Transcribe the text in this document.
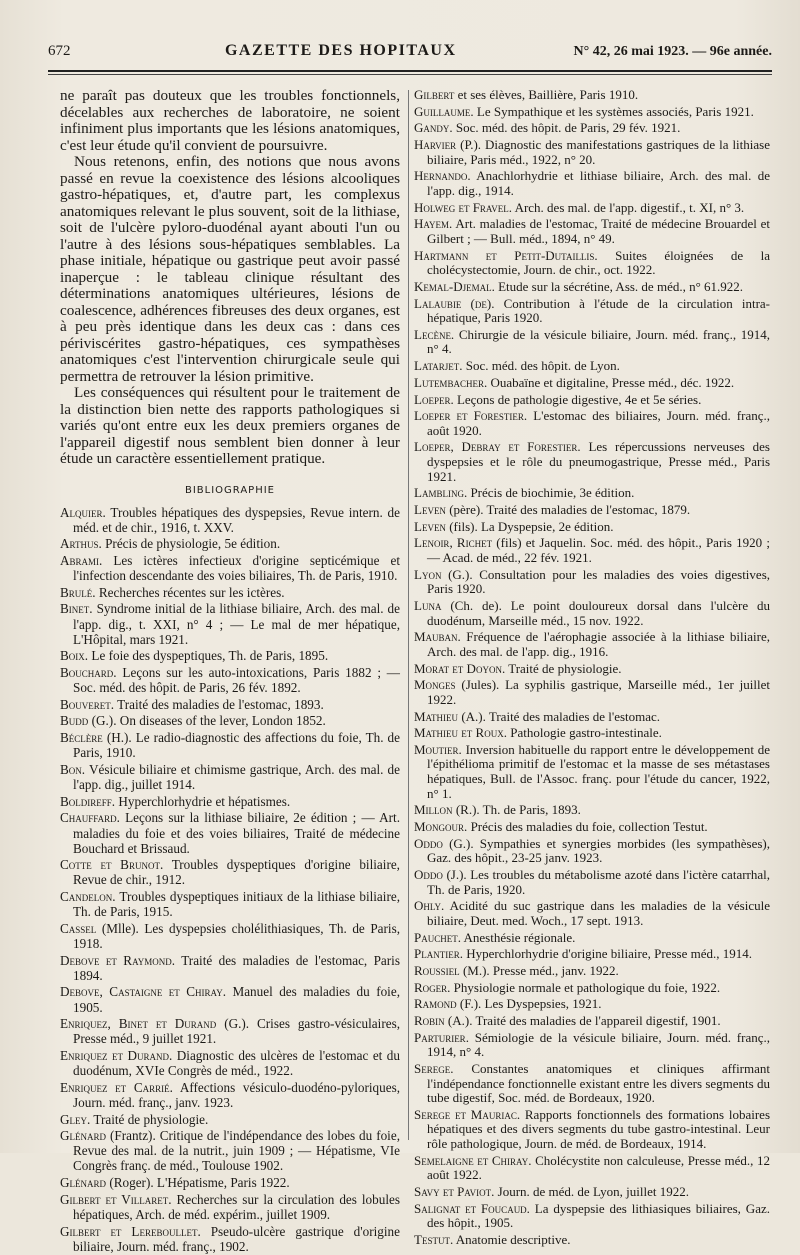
672	GAZETTE DES HOPITAUX	N° 42, 26 mai 1923. — 96e année.

ne paraît pas douteux que les troubles fonctionnels, décelables aux recherches de laboratoire, ne soient infiniment plus importants que les lésions anatomiques, c'est leur étude qu'il convient de poursuivre.

Nous retenons, enfin, des notions que nous avons passé en revue la coexistence des lésions alcooliques gastro-hépatiques, et, d'autre part, les complexus anatomiques relevant le plus souvent, soit de la lithiase, soit de l'ulcère pyloro-duodénal ayant abouti l'un ou l'autre à des lésions sous-hépatiques semblables. La phase initiale, hépatique ou gastrique peut avoir passé inaperçue : le tableau clinique résultant des déterminations anatomiques ultérieures, lésions de coalescence, adhérences fibreuses des deux organes, est à peu près identique dans les deux cas : dans ces périviscérites gastro-hépatiques, ces sympathèses anatomiques c'est l'intervention chirurgicale seule qui permettra de retrouver la lésion primitive.

Les conséquences qui résultent pour le traitement de la distinction bien nette des rapports pathologiques si variés qu'ont entre eux les deux premiers organes de l'appareil digestif nous semblent bien donner à leur étude un caractère essentiellement pratique.

BIBLIOGRAPHIE

Alquier. Troubles hépatiques des dyspepsies, Revue intern. de méd. et de chir., 1916, t. XXV.

Arthus. Précis de physiologie, 5e édition.

Abrami. Les ictères infectieux d'origine septicémique et l'infection descendante des voies biliaires, Th. de Paris, 1910.

Brulé. Recherches récentes sur les ictères.

Binet. Syndrome initial de la lithiase biliaire, Arch. des mal. de l'app. dig., t. XXI, n° 4 ; — Le mal de mer hépatique, L'Hôpital, mars 1921.

Boix. Le foie des dyspeptiques, Th. de Paris, 1895.

Bouchard. Leçons sur les auto-intoxications, Paris 1882 ; — Soc. méd. des hôpit. de Paris, 26 fév. 1892.

Bouveret. Traité des maladies de l'estomac, 1893.

Budd (G.). On diseases of the lever, London 1852.

Béclère (H.). Le radio-diagnostic des affections du foie, Th. de Paris, 1910.

Bon. Vésicule biliaire et chimisme gastrique, Arch. des mal. de l'app. dig., juillet 1914.

Boldireff. Hyperchlorhydrie et hépatismes.

Chauffard. Leçons sur la lithiase biliaire, 2e édition ; — Art. maladies du foie et des voies biliaires, Traité de médecine Bouchard et Brissaud.

Cotte et Brunot. Troubles dyspeptiques d'origine biliaire, Revue de chir., 1912.

Candelon. Troubles dyspeptiques initiaux de la lithiase biliaire, Th. de Paris, 1915.

Cassel (Mlle). Les dyspepsies cholélithiasiques, Th. de Paris, 1918.

Debove et Raymond. Traité des maladies de l'estomac, Paris 1894.

Debove, Castaigne et Chiray. Manuel des maladies du foie, 1905.

Enriquez, Binet et Durand (G.). Crises gastro-vésiculaires, Presse méd., 9 juillet 1921.

Enriquez et Durand. Diagnostic des ulcères de l'estomac et du duodénum, XVIe Congrès de méd., 1922.

Enriquez et Carrié. Affections vésiculo-duodéno-pyloriques, Journ. méd. franç., janv. 1923.

Gley. Traité de physiologie.

Glénard (Frantz). Critique de l'indépendance des lobes du foie, Revue des mal. de la nutrit., juin 1909 ; — Hépatisme, VIe Congrès franç. de méd., Toulouse 1902.

Glénard (Roger). L'Hépatisme, Paris 1922.

Gilbert et Villaret. Recherches sur la circulation des lobules hépatiques, Arch. de méd. expérim., juillet 1909.

Gilbert et Lereboullet. Pseudo-ulcère gastrique d'origine biliaire, Journ. méd. franç., 1902.

Gilbert et ses élèves, Baillière, Paris 1910.

Guillaume. Le Sympathique et les systèmes associés, Paris 1921.

Gandy. Soc. méd. des hôpit. de Paris, 29 fév. 1921.

Harvier (P.). Diagnostic des manifestations gastriques de la lithiase biliaire, Paris méd., 1922, n° 20.

Hernando. Anachlorhydrie et lithiase biliaire, Arch. des mal. de l'app. dig., 1914.

Holweg et Fravel. Arch. des mal. de l'app. digestif., t. XI, n° 3.

Hayem. Art. maladies de l'estomac, Traité de médecine Brouardel et Gilbert ; — Bull. méd., 1894, n° 49.

Hartmann et Petit-Dutaillis. Suites éloignées de la cholécystectomie, Journ. de chir., oct. 1922.

Kemal-Djemal. Etude sur la sécrétine, Ass. de méd., n° 61.922.

Lalaubie (de). Contribution à l'étude de la circulation intra-hépatique, Paris 1920.

Lecène. Chirurgie de la vésicule biliaire, Journ. méd. franç., 1914, n° 4.

Latarjet. Soc. méd. des hôpit. de Lyon.

Lutembacher. Ouabaïne et digitaline, Presse méd., déc. 1922.

Loeper. Leçons de pathologie digestive, 4e et 5e séries.

Loeper et Forestier. L'estomac des biliaires, Journ. méd. franç., août 1920.

Loeper, Debray et Forestier. Les répercussions nerveuses des dyspepsies et le rôle du pneumogastrique, Presse méd., Paris 1921.

Lambling. Précis de biochimie, 3e édition.

Leven (père). Traité des maladies de l'estomac, 1879.

Leven (fils). La Dyspepsie, 2e édition.

Lenoir, Richet (fils) et Jaquelin. Soc. méd. des hôpit., Paris 1920 ; — Acad. de méd., 22 fév. 1921.

Lyon (G.). Consultation pour les maladies des voies digestives, Paris 1920.

Luna (Ch. de). Le point douloureux dorsal dans l'ulcère du duodénum, Marseille méd., 15 nov. 1922.

Mauban. Fréquence de l'aérophagie associée à la lithiase biliaire, Arch. des mal. de l'app. dig., 1916.

Morat et Doyon. Traité de physiologie.

Monges (Jules). La syphilis gastrique, Marseille méd., 1er juillet 1922.

Mathieu (A.). Traité des maladies de l'estomac.

Mathieu et Roux. Pathologie gastro-intestinale.

Moutier. Inversion habituelle du rapport entre le développement de l'épithélioma primitif de l'estomac et la masse de ses métastases hépatiques, Bull. de l'Assoc. franç. pour l'étude du cancer, 1922, n° 1.

Millon (R.). Th. de Paris, 1893.

Mongour. Précis des maladies du foie, collection Testut.

Oddo (G.). Sympathies et synergies morbides (les sympathèses), Gaz. des hôpit., 23-25 janv. 1923.

Oddo (J.). Les troubles du métabolisme azoté dans l'ictère catarrhal, Th. de Paris, 1920.

Ohly. Acidité du suc gastrique dans les maladies de la vésicule biliaire, Deut. med. Woch., 17 sept. 1913.

Pauchet. Anesthésie régionale.

Plantier. Hyperchlorhydrie d'origine biliaire, Presse méd., 1914.

Roussiel (M.). Presse méd., janv. 1922.

Roger. Physiologie normale et pathologique du foie, 1922.

Ramond (F.). Les Dyspepsies, 1921.

Robin (A.). Traité des maladies de l'appareil digestif, 1901.

Parturier. Sémiologie de la vésicule biliaire, Journ. méd. franç., 1914, n° 4.

Serege. Constantes anatomiques et cliniques affirmant l'indépendance fonctionnelle existant entre les divers segments du tube digestif, Soc. méd. de Bordeaux, 1920.

Serege et Mauriac. Rapports fonctionnels des formations lobaires hépatiques et des divers segments du tube gastro-intestinal. Leur rôle pathologique, Journ. de méd. de Bordeaux, 1914.

Semelaigne et Chiray. Cholécystite non calculeuse, Presse méd., 12 août 1922.

Savy et Paviot. Journ. de méd. de Lyon, juillet 1922.

Salignat et Foucaud. La dyspepsie des lithiasiques biliaires, Gaz. des hôpit., 1905.

Testut. Anatomie descriptive.
